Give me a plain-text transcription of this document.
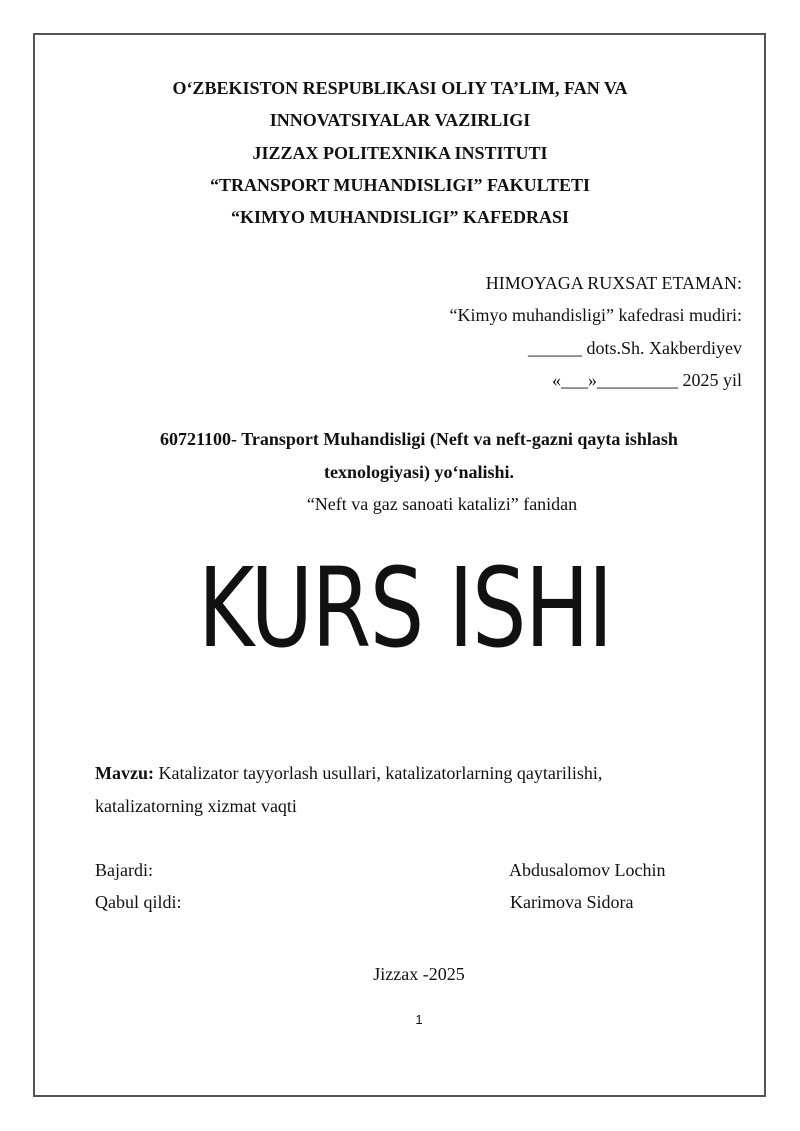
O‘ZBEKISTON RESPUBLIKASI OLIY TA’LIM, FAN VA
INNOVATSIYALAR VAZIRLIGI
JIZZAX POLITEXNIKA INSTITUTI
“TRANSPORT MUHANDISLIGI” FAKULTETI
“KIMYO MUHANDISLIGI” KAFEDRASI
HIMOYAGA RUXSAT ETAMAN:
“Kimyo muhandisligi” kafedrasi mudiri:
______ dots.Sh. Xakberdiyev
«___»_________ 2025 yil
60721100- Transport Muhandisligi (Neft va neft-gazni qayta ishlash
texnologiyasi) yo‘nalishi.
“Neft va gaz sanoati katalizi” fanidan
KURS ISHI
Mavzu: Katalizator tayyorlash usullari, katalizatorlarning qaytarilishi,
katalizatorning xizmat vaqti
Bajardi:	Abdusalomov Lochin
Qabul qildi:	Karimova Sidora
Jizzax -2025
1
